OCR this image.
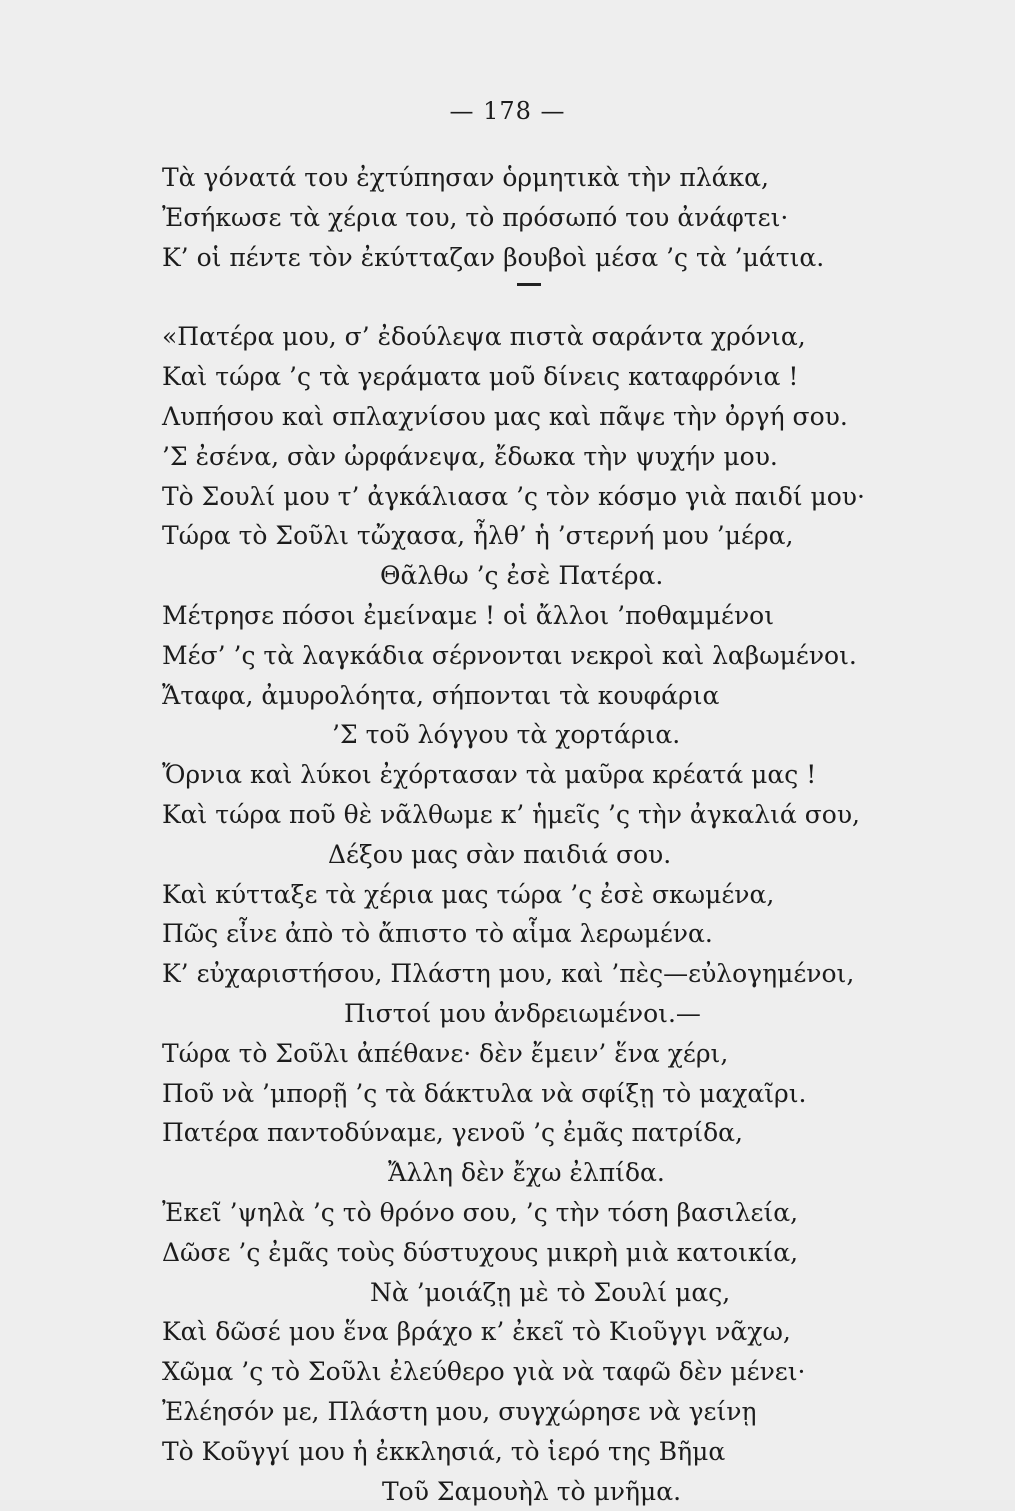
— 178 —
Τὰ γόνατά του ἐχτύπησαν ὁρμητικὰ τὴν πλάκα,
Ἐσήκωσε τὰ χέρια του, τὸ πρόσωπό του ἀνάφτει·
Κ’ οἱ πέντε τὸν ἐκύτταζαν βουβοὶ μέσα ’ς τὰ ’μάτια.
«Πατέρα μου, σ’ ἐδούλεψα πιστὰ σαράντα χρόνια,
Καὶ τώρα ’ς τὰ γεράματα μοῦ δίνεις καταφρόνια !
Λυπήσου καὶ σπλαχνίσου μας καὶ πᾶψε τὴν ὀργή σου.
’Σ ἐσένα, σὰν ὠρφάνεψα, ἔδωκα τὴν ψυχήν μου.
Τὸ Σουλί μου τ’ ἀγκάλιασα ’ς τὸν κόσμο γιὰ παιδί μου·
Τώρα τὸ Σοῦλι τὤχασα, ἦλθ’ ἡ ’στερνή μου ’μέρα,
Θᾶλθω ’ς ἐσὲ Πατέρα.
Μέτρησε πόσοι ἐμείναμε ! οἱ ἄλλοι ’ποθαμμένοι
Μέσ’ ’ς τὰ λαγκάδια σέρνονται νεκροὶ καὶ λαβωμένοι.
Ἄταφα, ἀμυρολόητα, σήπονται τὰ κουφάρια
’Σ τοῦ λόγγου τὰ χορτάρια.
Ὄρνια καὶ λύκοι ἐχόρτασαν τὰ μαῦρα κρέατά μας !
Καὶ τώρα ποῦ θὲ νᾶλθωμε κ’ ἡμεῖς ’ς τὴν ἀγκαλιά σου,
Δέξου μας σὰν παιδιά σου.
Καὶ κύτταξε τὰ χέρια μας τώρα ’ς ἐσὲ σκωμένα,
Πῶς εἶνε ἀπὸ τὸ ἄπιστο τὸ αἷμα λερωμένα.
Κ’ εὐχαριστήσου, Πλάστη μου, καὶ ’πὲς—εὐλογημένοι,
Πιστοί μου ἀνδρειωμένοι.—
Τώρα τὸ Σοῦλι ἀπέθανε· δὲν ἔμειν’ ἕνα χέρι,
Ποῦ νὰ ’μπορῇ ’ς τὰ δάκτυλα νὰ σφίξῃ τὸ μαχαῖρι.
Πατέρα παντοδύναμε, γενοῦ ’ς ἐμᾶς πατρίδα,
Ἄλλη δὲν ἔχω ἐλπίδα.
Ἐκεῖ ’ψηλὰ ’ς τὸ θρόνο σου, ’ς τὴν τόση βασιλεία,
Δῶσε ’ς ἐμᾶς τοὺς δύστυχους μικρὴ μιὰ κατοικία,
Νὰ ’μοιάζῃ μὲ τὸ Σουλί μας,
Καὶ δῶσέ μου ἕνα βράχο κ’ ἐκεῖ τὸ Κιοῦγγι νᾶχω,
Χῶμα ’ς τὸ Σοῦλι ἐλεύθερο γιὰ νὰ ταφῶ δὲν μένει·
Ἐλέησόν με, Πλάστη μου, συγχώρησε νὰ γείνῃ
Τὸ Κοῦγγί μου ἡ ἐκκλησιά, τὸ ἱερό της Βῆμα
Τοῦ Σαμουὴλ τὸ μνῆμα.
